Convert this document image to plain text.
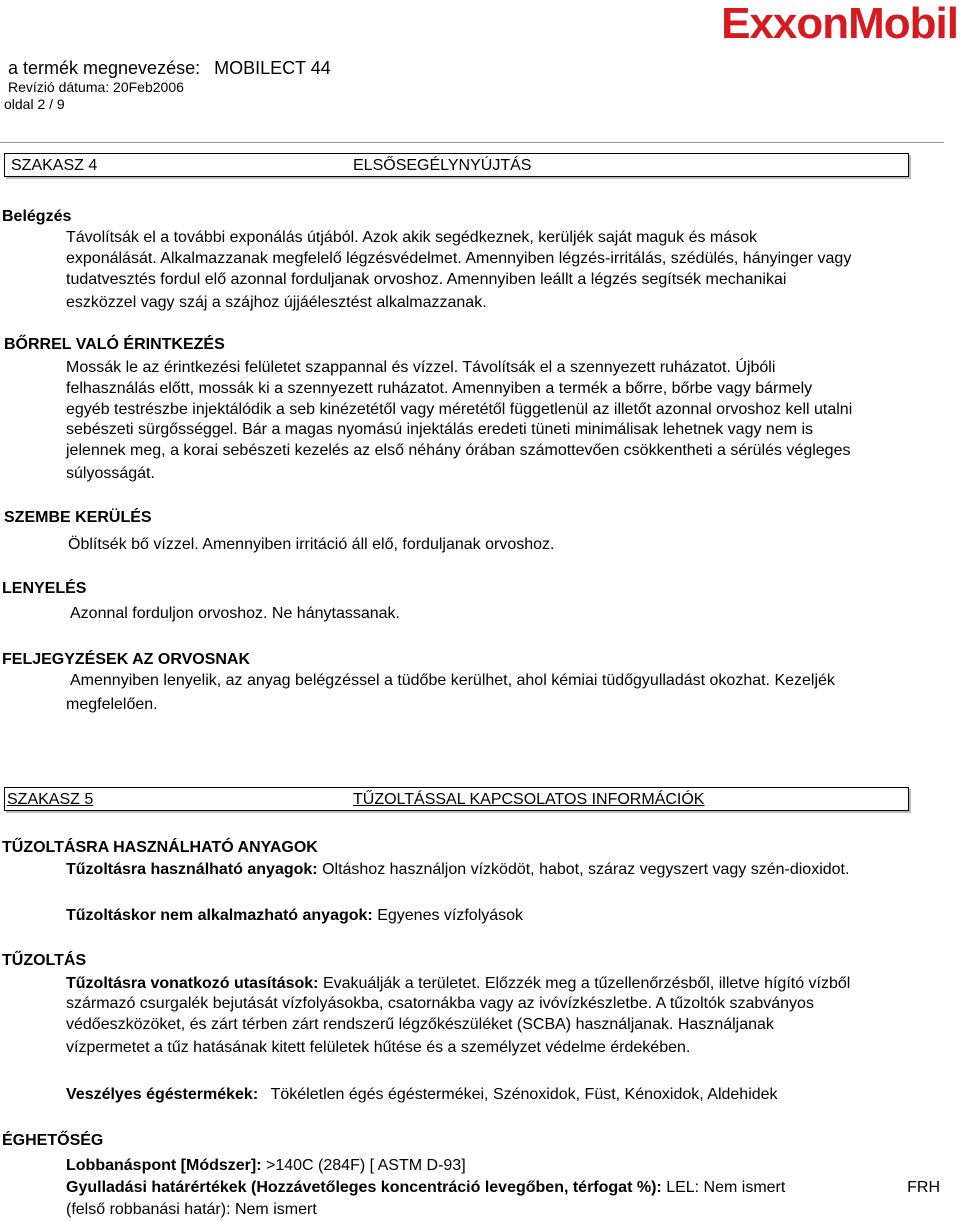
ExxonMobil
a termék megnevezése: MOBILECT 44
Revízió dátuma: 20Feb2006
oldal 2 / 9
SZAKASZ 4	ELSŐSEGÉLYNYÚJTÁS
Belégzés
Távolítsák el a további exponálás útjából. Azok akik segédkeznek, kerüljék saját maguk és mások
exponálását. Alkalmazzanak megfelelő légzésvédelmet. Amennyiben légzés-irritálás, szédülés, hányinger vagy
tudatvesztés fordul elő azonnal forduljanak orvoshoz. Amennyiben leállt a légzés segítsék mechanikai
eszközzel vagy száj a szájhoz újjáélesztést alkalmazzanak.
BŐRREL VALÓ ÉRINTKEZÉS
Mossák le az érintkezési felületet szappannal és vízzel. Távolítsák el a szennyezett ruházatot. Újbóli
felhasználás előtt, mossák ki a szennyezett ruházatot. Amennyiben a termék a bőrre, bőrbe vagy bármely
egyéb testrészbe injektálódik a seb kinézetétől vagy méretétől függetlenül az illetőt azonnal orvoshoz kell utalni
sebészeti sürgősséggel. Bár a magas nyomású injektálás eredeti tüneti minimálisak lehetnek vagy nem is
jelennek meg, a korai sebészeti kezelés az első néhány órában számottevően csökkentheti a sérülés végleges
súlyosságát.
SZEMBE KERÜLÉS
Öblítsék bő vízzel. Amennyiben irritáció áll elő, forduljanak orvoshoz.
LENYELÉS
Azonnal forduljon orvoshoz. Ne hánytassanak.
FELJEGYZÉSEK AZ ORVOSNAK
Amennyiben lenyelik, az anyag belégzéssel a tüdőbe kerülhet, ahol kémiai tüdőgyulladást okozhat. Kezeljék
megfelelően.
SZAKASZ 5	TŰZOLTÁSSAL KAPCSOLATOS INFORMÁCIÓK
TŰZOLTÁSRA HASZNÁLHATÓ ANYAGOK
Tűzoltásra használható anyagok: Oltáshoz használjon vízködöt, habot, száraz vegyszert vagy szén-dioxidot.
Tűzoltáskor nem alkalmazható anyagok: Egyenes vízfolyások
TŰZOLTÁS
Tűzoltásra vonatkozó utasítások: Evakuálják a területet. Előzzék meg a tűzellenőrzésből, illetve hígító vízből
származó csurgalék bejutását vízfolyásokba, csatornákba vagy az ivóvízkészletbe. A tűzoltók szabványos
védőeszközöket, és zárt térben zárt rendszerű légzőkészüléket (SCBA) használjanak. Használjanak
vízpermetet a tűz hatásának kitett felületek hűtése és a személyzet védelme érdekében.
Veszélyes égéstermékek: Tökéletlen égés égéstermékei, Szénoxidok, Füst, Kénoxidok, Aldehidek
ÉGHETŐSÉG
Lobbanáspont [Módszer]: >140C (284F) [ ASTM D-93]
Gyulladási határértékek (Hozzávetőleges koncentráció levegőben, térfogat %): LEL: Nem ismert	FRH
(felső robbanási határ): Nem ismert
